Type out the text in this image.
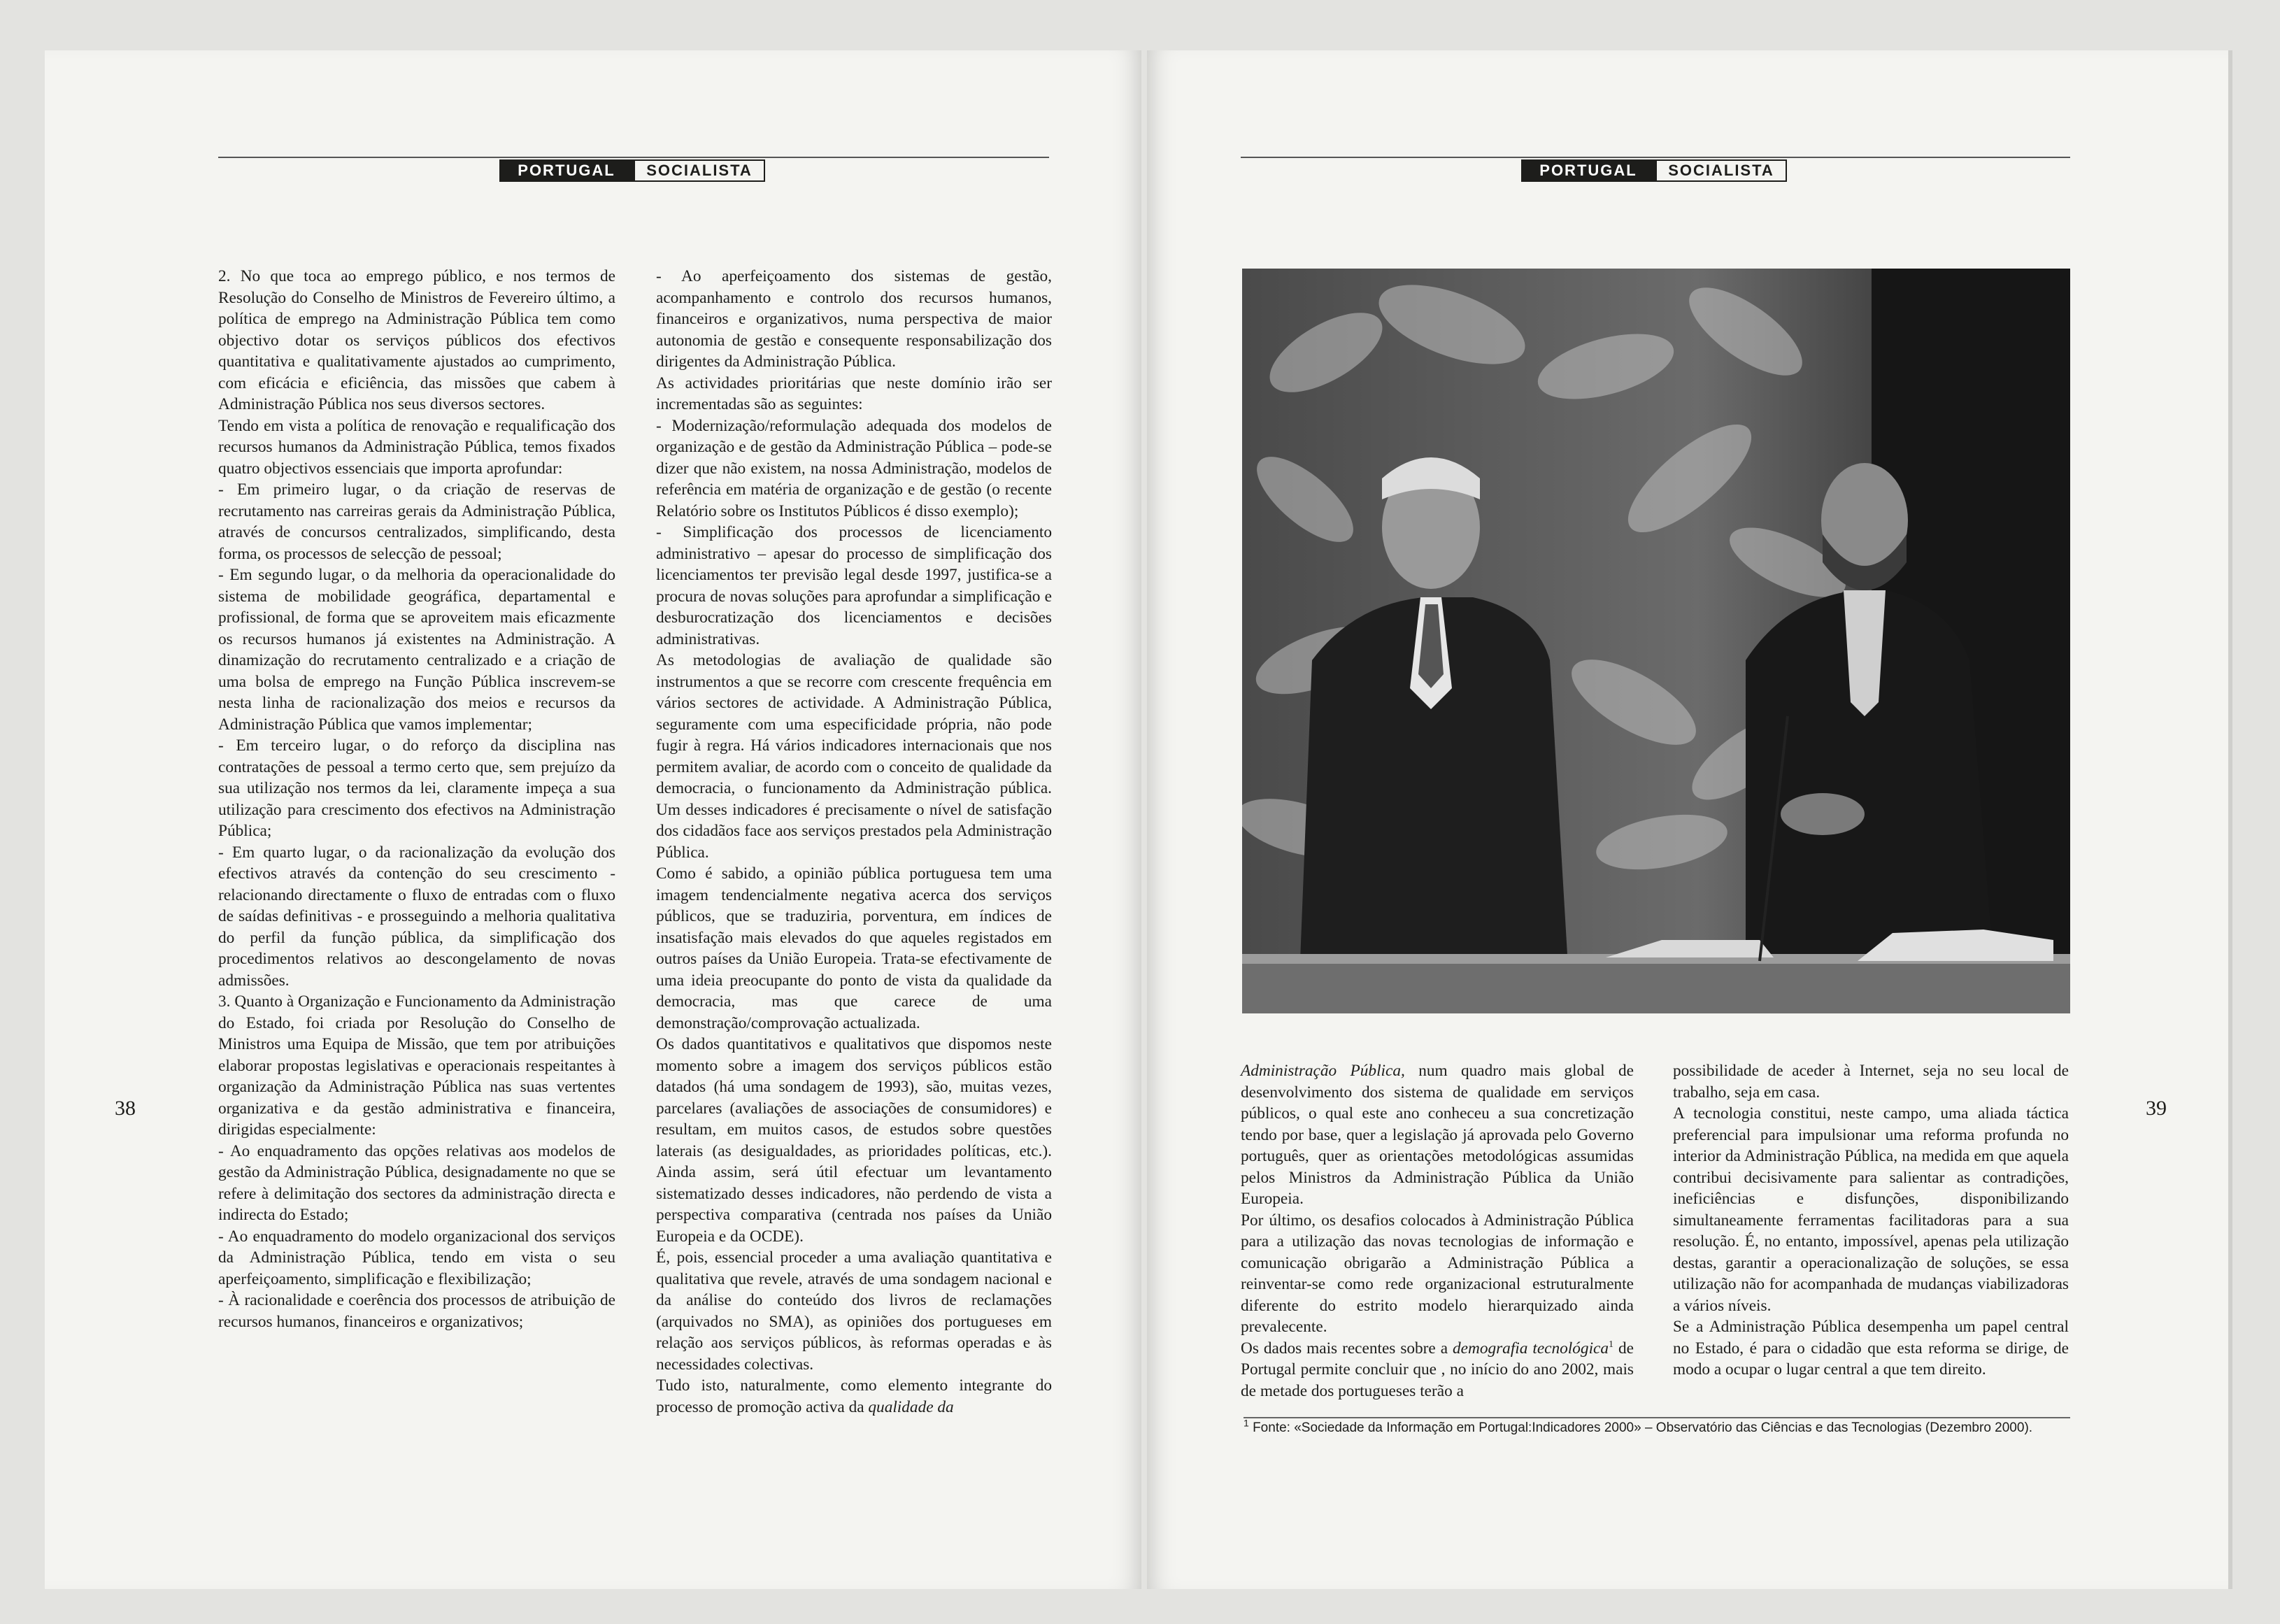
PORTUGAL	SOCIALISTA	PORTUGAL	SOCIALISTA

2. No que toca ao emprego público, e nos termos de Resolução do Conselho de Ministros de Fevereiro último, a política de emprego na Administração Pública tem como objectivo dotar os serviços públicos dos efectivos quantitativa e qualitativamente ajustados ao cumprimento, com eficácia e eficiência, das missões que cabem à Administração Pública nos seus diversos sectores.

Tendo em vista a política de renovação e requalificação dos recursos humanos da Administração Pública, temos fixados quatro objectivos essenciais que importa aprofundar:

- Em primeiro lugar, o da criação de reservas de recrutamento nas carreiras gerais da Administração Pública, através de concursos centralizados, simplificando, desta forma, os processos de selecção de pessoal;

- Em segundo lugar, o da melhoria da operacionalidade do sistema de mobilidade geográfica, departamental e profissional, de forma que se aproveitem mais eficazmente os recursos humanos já existentes na Administração. A dinamização do recrutamento centralizado e a criação de uma bolsa de emprego na Função Pública inscrevem-se nesta linha de racionalização dos meios e recursos da Administração Pública que vamos implementar;

- Em terceiro lugar, o do reforço da disciplina nas contratações de pessoal a termo certo que, sem prejuízo da sua utilização nos termos da lei, claramente impeça a sua utilização para crescimento dos efectivos na Administração Pública;

- Em quarto lugar, o da racionalização da evolução dos efectivos através da contenção do seu crescimento - relacionando directamente o fluxo de entradas com o fluxo de saídas definitivas - e prosseguindo a melhoria qualitativa do perfil da função pública, da simplificação dos procedimentos relativos ao descongelamento de novas admissões.

3. Quanto à Organização e Funcionamento da Administração do Estado, foi criada por Resolução do Conselho de Ministros uma Equipa de Missão, que tem por atribuições elaborar propostas legislativas e operacionais respeitantes à organização da Administração Pública nas suas vertentes organizativa e da gestão administrativa e financeira, dirigidas especialmente:

- Ao enquadramento das opções relativas aos modelos de gestão da Administração Pública, designadamente no que se refere à delimitação dos sectores da administração directa e indirecta do Estado;

- Ao enquadramento do modelo organizacional dos serviços da Administração Pública, tendo em vista o seu aperfeiçoamento, simplificação e flexibilização;

- À racionalidade e coerência dos processos de atribuição de recursos humanos, financeiros e organizativos;

- Ao aperfeiçoamento dos sistemas de gestão, acompanhamento e controlo dos recursos humanos, financeiros e organizativos, numa perspectiva de maior autonomia de gestão e consequente responsabilização dos dirigentes da Administração Pública.

As actividades prioritárias que neste domínio irão ser incrementadas são as seguintes:

- Modernização/reformulação adequada dos modelos de organização e de gestão da Administração Pública – pode-se dizer que não existem, na nossa Administração, modelos de referência em matéria de organização e de gestão (o recente Relatório sobre os Institutos Públicos é disso exemplo);

- Simplificação dos processos de licenciamento administrativo – apesar do processo de simplificação dos licenciamentos ter previsão legal desde 1997, justifica-se a procura de novas soluções para aprofundar a simplificação e desburocratização dos licenciamentos e decisões administrativas.

As metodologias de avaliação de qualidade são instrumentos a que se recorre com crescente frequência em vários sectores de actividade. A Administração Pública, seguramente com uma especificidade própria, não pode fugir à regra. Há vários indicadores internacionais que nos permitem avaliar, de acordo com o conceito de qualidade da democracia, o funcionamento da Administração pública. Um desses indicadores é precisamente o nível de satisfação dos cidadãos face aos serviços prestados pela Administração Pública.

Como é sabido, a opinião pública portuguesa tem uma imagem tendencialmente negativa acerca dos serviços públicos, que se traduziria, porventura, em índices de insatisfação mais elevados do que aqueles registados em outros países da União Europeia. Trata-se efectivamente de uma ideia preocupante do ponto de vista da qualidade da democracia, mas que carece de uma demonstração/comprovação actualizada.

Os dados quantitativos e qualitativos que dispomos neste momento sobre a imagem dos serviços públicos estão datados (há uma sondagem de 1993), são, muitas vezes, parcelares (avaliações de associações de consumidores) e resultam, em muitos casos, de estudos sobre questões laterais (as desigualdades, as prioridades políticas, etc.). Ainda assim, será útil efectuar um levantamento sistematizado desses indicadores, não perdendo de vista a perspectiva comparativa (centrada nos países da União Europeia e da OCDE).

É, pois, essencial proceder a uma avaliação quantitativa e qualitativa que revele, através de uma sondagem nacional e da análise do conteúdo dos livros de reclamações (arquivados no SMA), as opiniões dos portugueses em relação aos serviços públicos, às reformas operadas e às necessidades colectivas.

Tudo isto, naturalmente, como elemento integrante do processo de promoção activa da qualidade da

38

Administração Pública, num quadro mais global de desenvolvimento dos sistema de qualidade em serviços públicos, o qual este ano conheceu a sua concretização tendo por base, quer a legislação já aprovada pelo Governo português, quer as orientações metodológicas assumidas pelos Ministros da Administração Pública da União Europeia.

Por último, os desafios colocados à Administração Pública para a utilização das novas tecnologias de informação e comunicação obrigarão a Administração Pública a reinventar-se como rede organizacional estruturalmente diferente do estrito modelo hierarquizado ainda prevalecente.

Os dados mais recentes sobre a demografia tecnológica$^1$ de Portugal permite concluir que , no início do ano 2002, mais de metade dos portugueses terão a

possibilidade de aceder à Internet, seja no seu local de trabalho, seja em casa.

A tecnologia constitui, neste campo, uma aliada táctica preferencial para impulsionar uma reforma profunda no interior da Administração Pública, na medida em que aquela contribui decisivamente para salientar as contradições, ineficiências e disfunções, disponibilizando simultaneamente ferramentas facilitadoras para a sua resolução. É, no entanto, impossível, apenas pela utilização destas, garantir a operacionalização de soluções, se essa utilização não for acompanhada de mudanças viabilizadoras a vários níveis.

Se a Administração Pública desempenha um papel central no Estado, é para o cidadão que esta reforma se dirige, de modo a ocupar o lugar central a que tem direito.

$^1$ Fonte: «Sociedade da Informação em Portugal:Indicadores 2000» – Observatório das Ciências e das Tecnologias (Dezembro 2000).
39
